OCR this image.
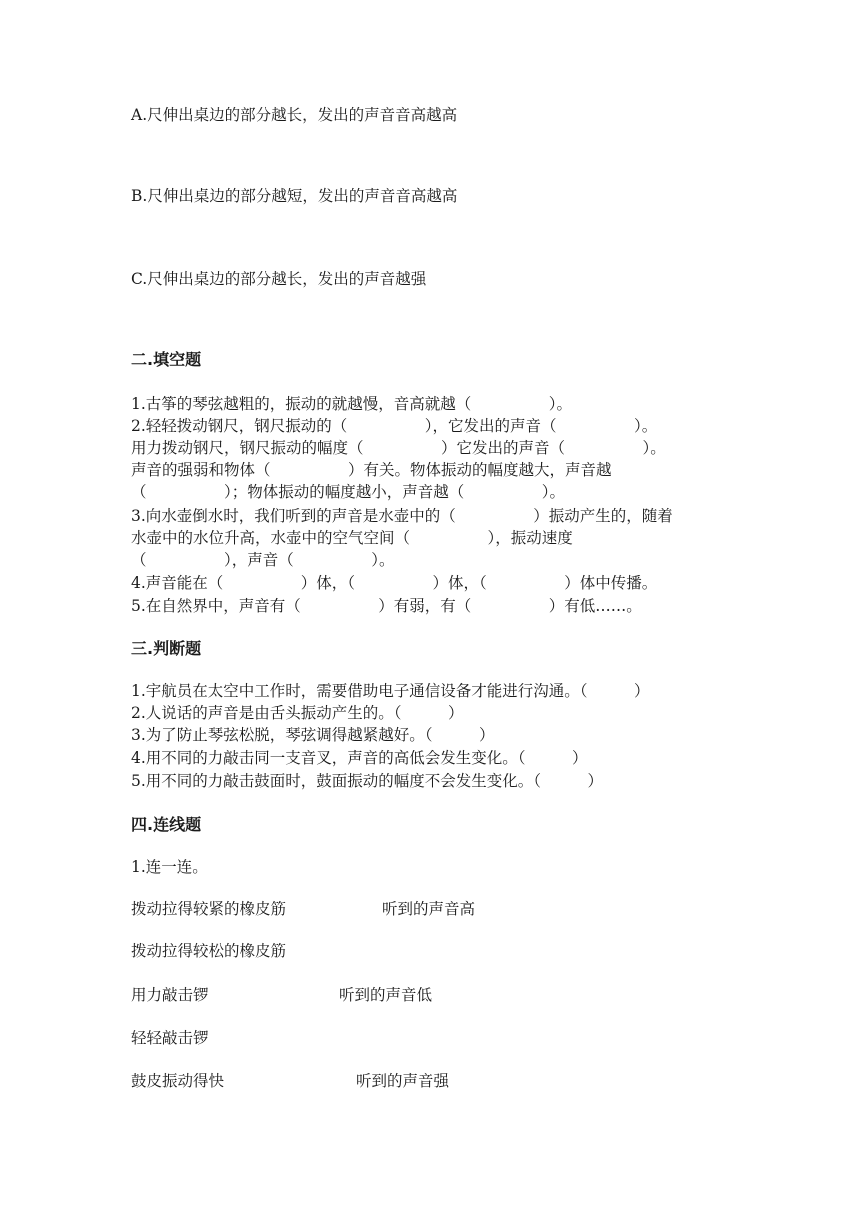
A.尺伸出桌边的部分越长，发出的声音音高越高
B.尺伸出桌边的部分越短，发出的声音音高越高
C.尺伸出桌边的部分越长，发出的声音越强
二.填空题
1.古筝的琴弦越粗的，振动的就越慢，音高就越（　　　　　）。
2.轻轻拨动钢尺，钢尺振动的（　　　　　），它发出的声音（　　　　　）。
用力拨动钢尺，钢尺振动的幅度（　　　　　）它发出的声音（　　　　　）。
声音的强弱和物体（　　　　　）有关。物体振动的幅度越大，声音越
（　　　　　）；物体振动的幅度越小，声音越（　　　　　）。
3.向水壶倒水时，我们听到的声音是水壶中的（　　　　　）振动产生的，随着
水壶中的水位升高，水壶中的空气空间（　　　　　），振动速度
（　　　　　），声音（　　　　　）。
4.声音能在（　　　　　）体，（　　　　　）体，（　　　　　）体中传播。
5.在自然界中，声音有（　　　　　）有弱，有（　　　　　）有低……。
三.判断题
1.宇航员在太空中工作时，需要借助电子通信设备才能进行沟通。（　　　）
2.人说话的声音是由舌头振动产生的。（　　　）
3.为了防止琴弦松脱，琴弦调得越紧越好。（　　　）
4.用不同的力敲击同一支音叉，声音的高低会发生变化。（　　　）
5.用不同的力敲击鼓面时，鼓面振动的幅度不会发生变化。（　　　）
四.连线题
1.连一连。
拨动拉得较紧的橡皮筋	听到的声音高
拨动拉得较松的橡皮筋
用力敲击锣	听到的声音低
轻轻敲击锣
鼓皮振动得快	听到的声音强
